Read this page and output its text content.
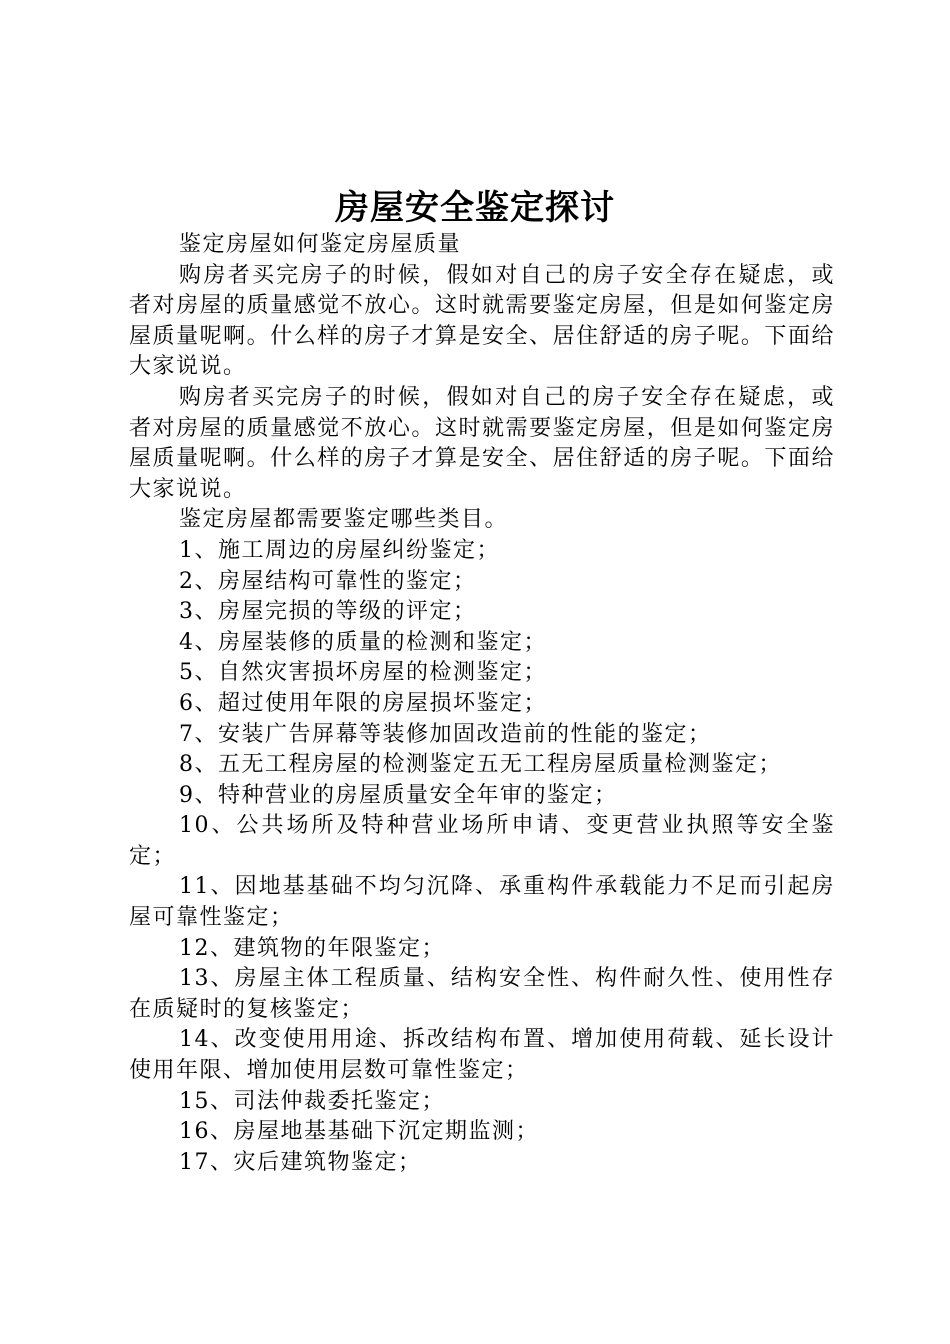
房屋安全鉴定探讨

鉴定房屋如何鉴定房屋质量

购房者买完房子的时候，假如对自己的房子安全存在疑虑，或者对房屋的质量感觉不放心。这时就需要鉴定房屋，但是如何鉴定房屋质量呢啊。什么样的房子才算是安全、居住舒适的房子呢。下面给大家说说。

购房者买完房子的时候，假如对自己的房子安全存在疑虑，或者对房屋的质量感觉不放心。这时就需要鉴定房屋，但是如何鉴定房屋质量呢啊。什么样的房子才算是安全、居住舒适的房子呢。下面给大家说说。

鉴定房屋都需要鉴定哪些类目。

1、施工周边的房屋纠纷鉴定；

2、房屋结构可靠性的鉴定；

3、房屋完损的等级的评定；

4、房屋装修的质量的检测和鉴定；

5、自然灾害损坏房屋的检测鉴定；

6、超过使用年限的房屋损坏鉴定；

7、安装广告屏幕等装修加固改造前的性能的鉴定；

8、五无工程房屋的检测鉴定五无工程房屋质量检测鉴定；

9、特种营业的房屋质量安全年审的鉴定；

10、公共场所及特种营业场所申请、变更营业执照等安全鉴定；

11、因地基基础不均匀沉降、承重构件承载能力不足而引起房屋可靠性鉴定；

12、建筑物的年限鉴定；

13、房屋主体工程质量、结构安全性、构件耐久性、使用性存在质疑时的复核鉴定；

14、改变使用用途、拆改结构布置、增加使用荷载、延长设计使用年限、增加使用层数可靠性鉴定；

15、司法仲裁委托鉴定；

16、房屋地基基础下沉定期监测；

17、灾后建筑物鉴定；
